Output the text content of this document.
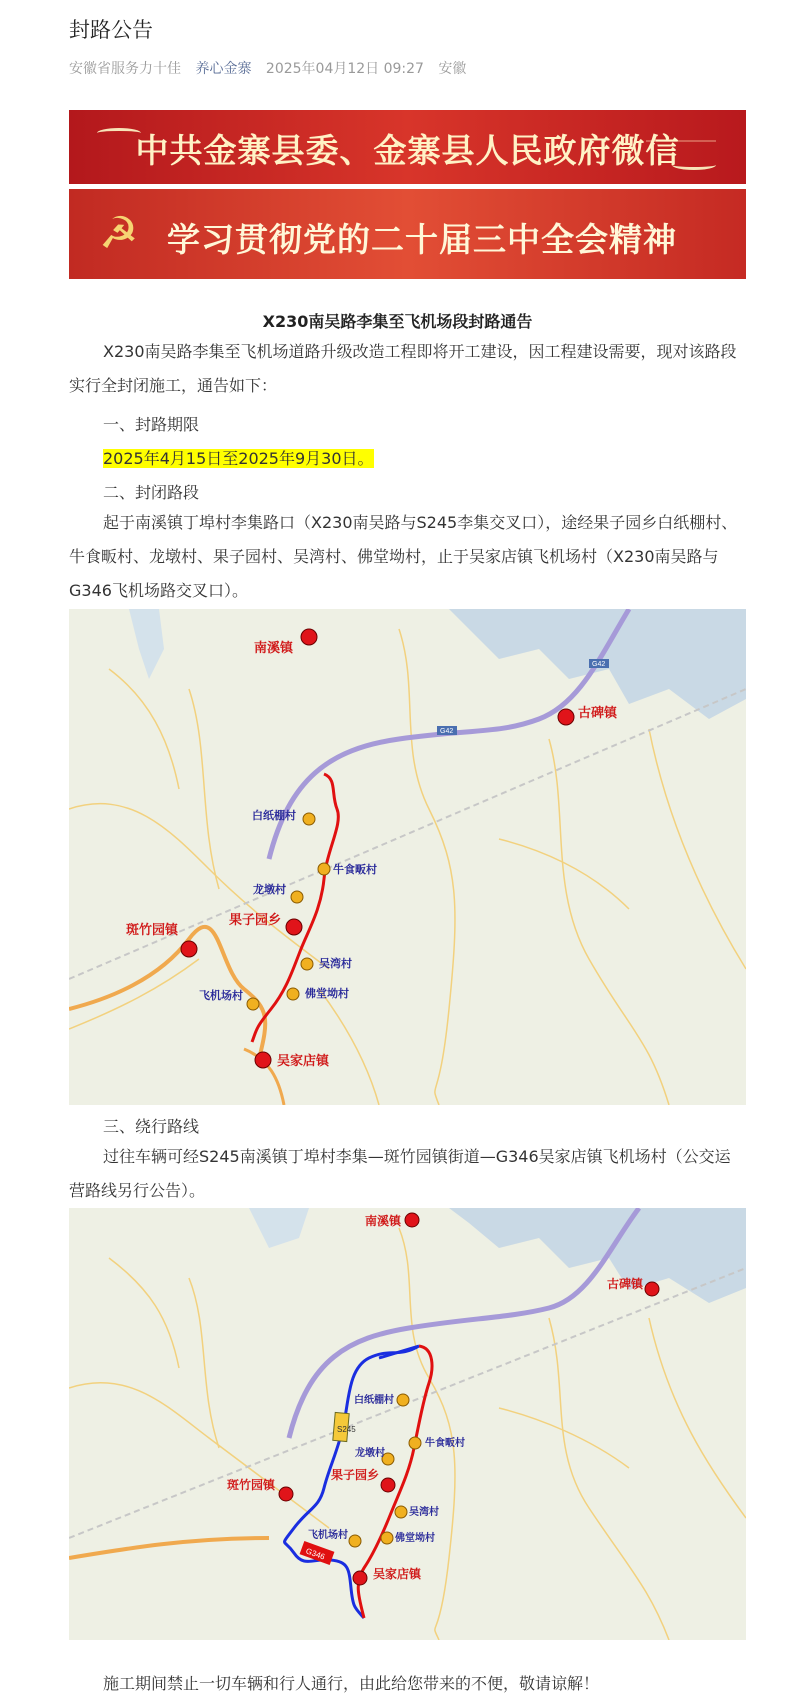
封路公告
安徽省服务力十佳 养心金寨 2025年04月12日 09:27 安徽
中共金寨县委、金寨县人民政府微信
☭ 学习贯彻党的二十届三中全会精神
X230南吴路李集至飞机场段封路通告

X230南吴路李集至飞机场道路升级改造工程即将开工建设，因工程建设需要，现对该路段实行全封闭施工，通告如下：

一、封路期限
2025年4月15日至2025年9月30日。
二、封闭路段

起于南溪镇丁埠村李集路口（X230南吴路与S245李集交叉口），途经果子园乡白纸棚村、牛食畈村、龙墩村、果子园村、吴湾村、佛堂坳村，止于吴家店镇飞机场村（X230南吴路与G346飞机场路交叉口）。

南溪镇
古碑镇
斑竹园镇
吴家店镇
白纸棚村
牛食畈村
龙墩村
果子园乡
吴湾村
佛堂坳村
飞机场村
G42
G42
三、绕行路线

过往车辆可经S245南溪镇丁埠村李集—斑竹园镇街道—G346吴家店镇飞机场村（公交运营路线另行公告）。

S245
G346
南溪镇
古碑镇
斑竹园镇
吴家店镇
白纸棚村
牛食畈村
龙墩村
果子园乡
吴湾村
佛堂坳村
飞机场村
施工期间禁止一切车辆和行人通行，由此给您带来的不便，敬请谅解！
